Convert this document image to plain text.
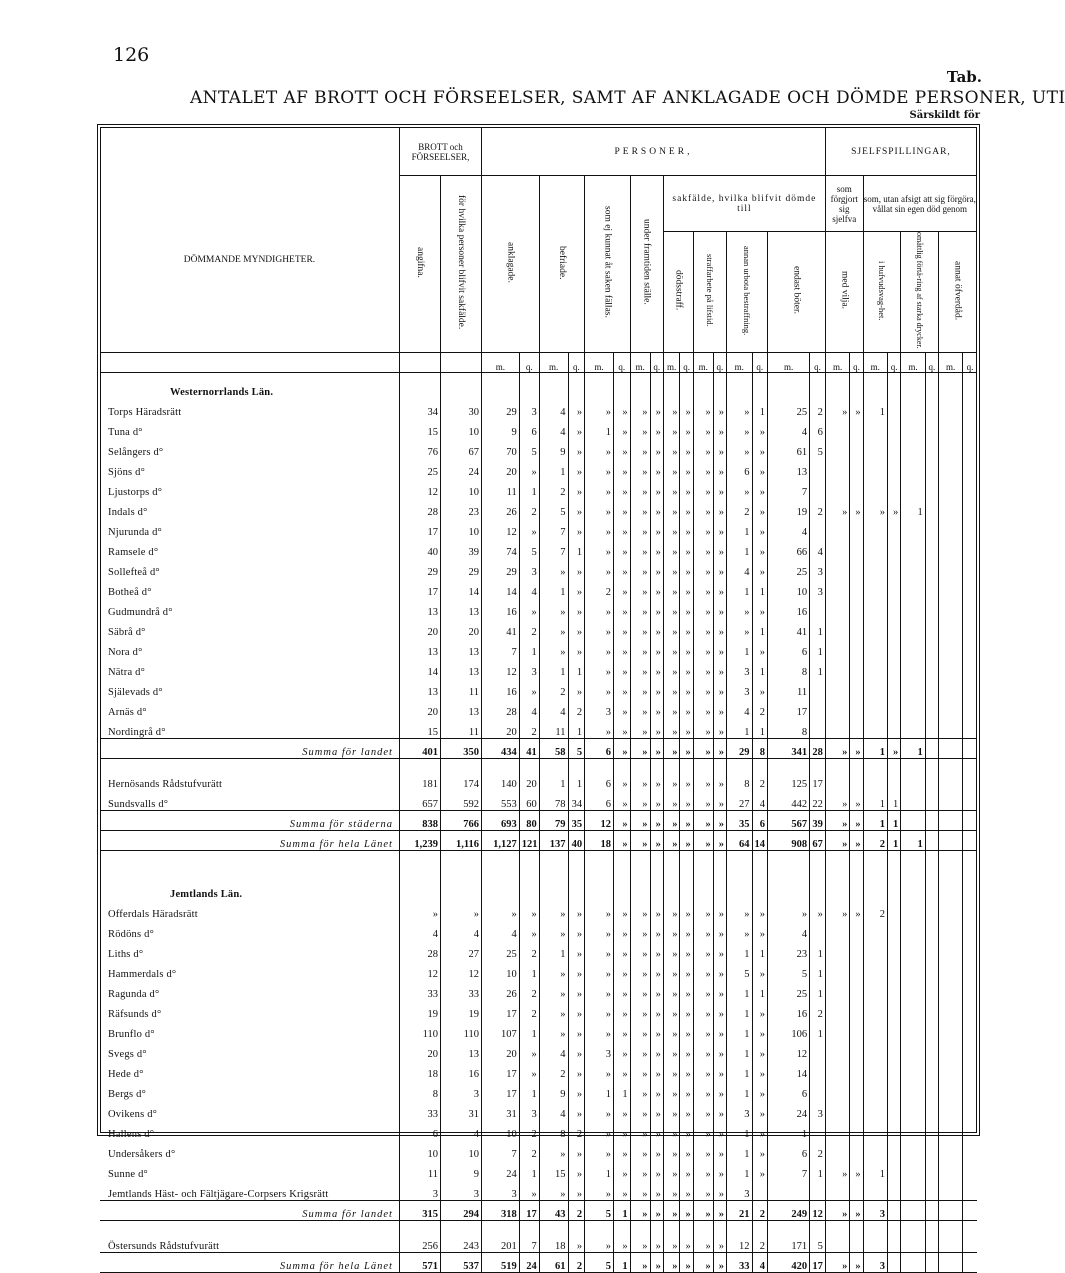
126
Tab.
ANTALET AF BROTT OCH FÖRSEELSER, SAMT AF ANKLAGADE OCH DÖMDE PERSONER, UTI
Särskildt för
DÖMMANDE MYNDIGHETER.	BROTT och FÖRSEELSER,		PERSONER,																SJELFSPILLINGAR,							
	angifna.	för hvilka personer blifvit sakfälde.	anklagade.		befriade.		som ej kunnat åt saken fällas.		under framtiden ställe.		sakfälde, hvilka blifvit dömde till								som förgjort sig sjelfva		som, utan afsigt att sig förgöra, vållat sin egen död genom					
											dödsstraff.		straffarbete på lifstid.		annan urbota bestraffning.		endast böter.		med vilja.		i hufvudsvag-het.		omåttlig förtä-ring af starka drycker.		annat öfverdåd.	
			m.	q.	m.	q.	m.	q.	m.	q.	m.	q.	m.	q.	m.	q.	m.	q.	m.	q.	m.	q.	m.	q.	m.	q.
Westernorrlands Län.																										
Torps Häradsrätt	34	30	29	3	4	»	»	»	»	»	»	»	»	»	»	1	25	2	»	»	1					
Tuna d°	15	10	9	6	4	»	1	»	»	»	»	»	»	»	»	»	4	6								
Selångers d°	76	67	70	5	9	»	»	»	»	»	»	»	»	»	»	»	61	5								
Sjöns d°	25	24	20	»	1	»	»	»	»	»	»	»	»	»	6	»	13									
Ljustorps d°	12	10	11	1	2	»	»	»	»	»	»	»	»	»	»	»	7									
Indals d°	28	23	26	2	5	»	»	»	»	»	»	»	»	»	2	»	19	2	»	»	»	»	1			
Njurunda d°	17	10	12	»	7	»	»	»	»	»	»	»	»	»	1	»	4									
Ramsele d°	40	39	74	5	7	1	»	»	»	»	»	»	»	»	1	»	66	4								
Sollefteå d°	29	29	29	3	»	»	»	»	»	»	»	»	»	»	4	»	25	3								
Botheå d°	17	14	14	4	1	»	2	»	»	»	»	»	»	»	1	1	10	3								
Gudmundrå d°	13	13	16	»	»	»	»	»	»	»	»	»	»	»	»	»	16									
Säbrå d°	20	20	41	2	»	»	»	»	»	»	»	»	»	»	»	1	41	1								
Nora d°	13	13	7	1	»	»	»	»	»	»	»	»	»	»	1	»	6	1								
Nätra d°	14	13	12	3	1	1	»	»	»	»	»	»	»	»	3	1	8	1								
Själevads d°	13	11	16	»	2	»	»	»	»	»	»	»	»	»	3	»	11									
Arnäs d°	20	13	28	4	4	2	3	»	»	»	»	»	»	»	4	2	17									
Nordingrå d°	15	11	20	2	11	1	»	»	»	»	»	»	»	»	1	1	8									
Summa för landet	401	350	434	41	58	5	6	»	»	»	»	»	»	»	29	8	341	28	»	»	1	»	1			

Hernösands Rådstufvurätt	181	174	140	20	1	1	6	»	»	»	»	»	»	»	8	2	125	17								
Sundsvalls d°	657	592	553	60	78	34	6	»	»	»	»	»	»	»	27	4	442	22	»	»	1	1				
Summa för städerna	838	766	693	80	79	35	12	»	»	»	»	»	»	»	35	6	567	39	»	»	1	1				
Summa för hela Länet	1,239	1,116	1,127	121	137	40	18	»	»	»	»	»	»	»	64	14	908	67	»	»	2	1	1			

Jemtlands Län.																										
Offerdals Häradsrätt	»	»	»	»	»	»	»	»	»	»	»	»	»	»	»	»	»	»	»	»	2					
Rödöns d°	4	4	4	»	»	»	»	»	»	»	»	»	»	»	»	»	4									
Liths d°	28	27	25	2	1	»	»	»	»	»	»	»	»	»	1	1	23	1								
Hammerdals d°	12	12	10	1	»	»	»	»	»	»	»	»	»	»	5	»	5	1								
Ragunda d°	33	33	26	2	»	»	»	»	»	»	»	»	»	»	1	1	25	1								
Räfsunds d°	19	19	17	2	»	»	»	»	»	»	»	»	»	»	1	»	16	2								
Brunflo d°	110	110	107	1	»	»	»	»	»	»	»	»	»	»	1	»	106	1								
Svegs d°	20	13	20	»	4	»	3	»	»	»	»	»	»	»	1	»	12									
Hede d°	18	16	17	»	2	»	»	»	»	»	»	»	»	»	1	»	14									
Bergs d°	8	3	17	1	9	»	1	1	»	»	»	»	»	»	1	»	6									
Ovikens d°	33	31	31	3	4	»	»	»	»	»	»	»	»	»	3	»	24	3								
Hallens d°	6	4	10	2	8	2	»	»	»	»	»	»	»	»	1	»	1									
Undersåkers d°	10	10	7	2	»	»	»	»	»	»	»	»	»	»	1	»	6	2								
Sunne d°	11	9	24	1	15	»	1	»	»	»	»	»	»	»	1	»	7	1	»	»	1					
Jemtlands Häst- och Fältjägare-Corpsers Krigsrätt	3	3	3	»	»	»	»	»	»	»	»	»	»	»	3											
Summa för landet	315	294	318	17	43	2	5	1	»	»	»	»	»	»	21	2	249	12	»	»	3					

Östersunds Rådstufvurätt	256	243	201	7	18	»	»	»	»	»	»	»	»	»	12	2	171	5								
Summa för hela Länet	571	537	519	24	61	2	5	1	»	»	»	»	»	»	33	4	420	17	»	»	3					
